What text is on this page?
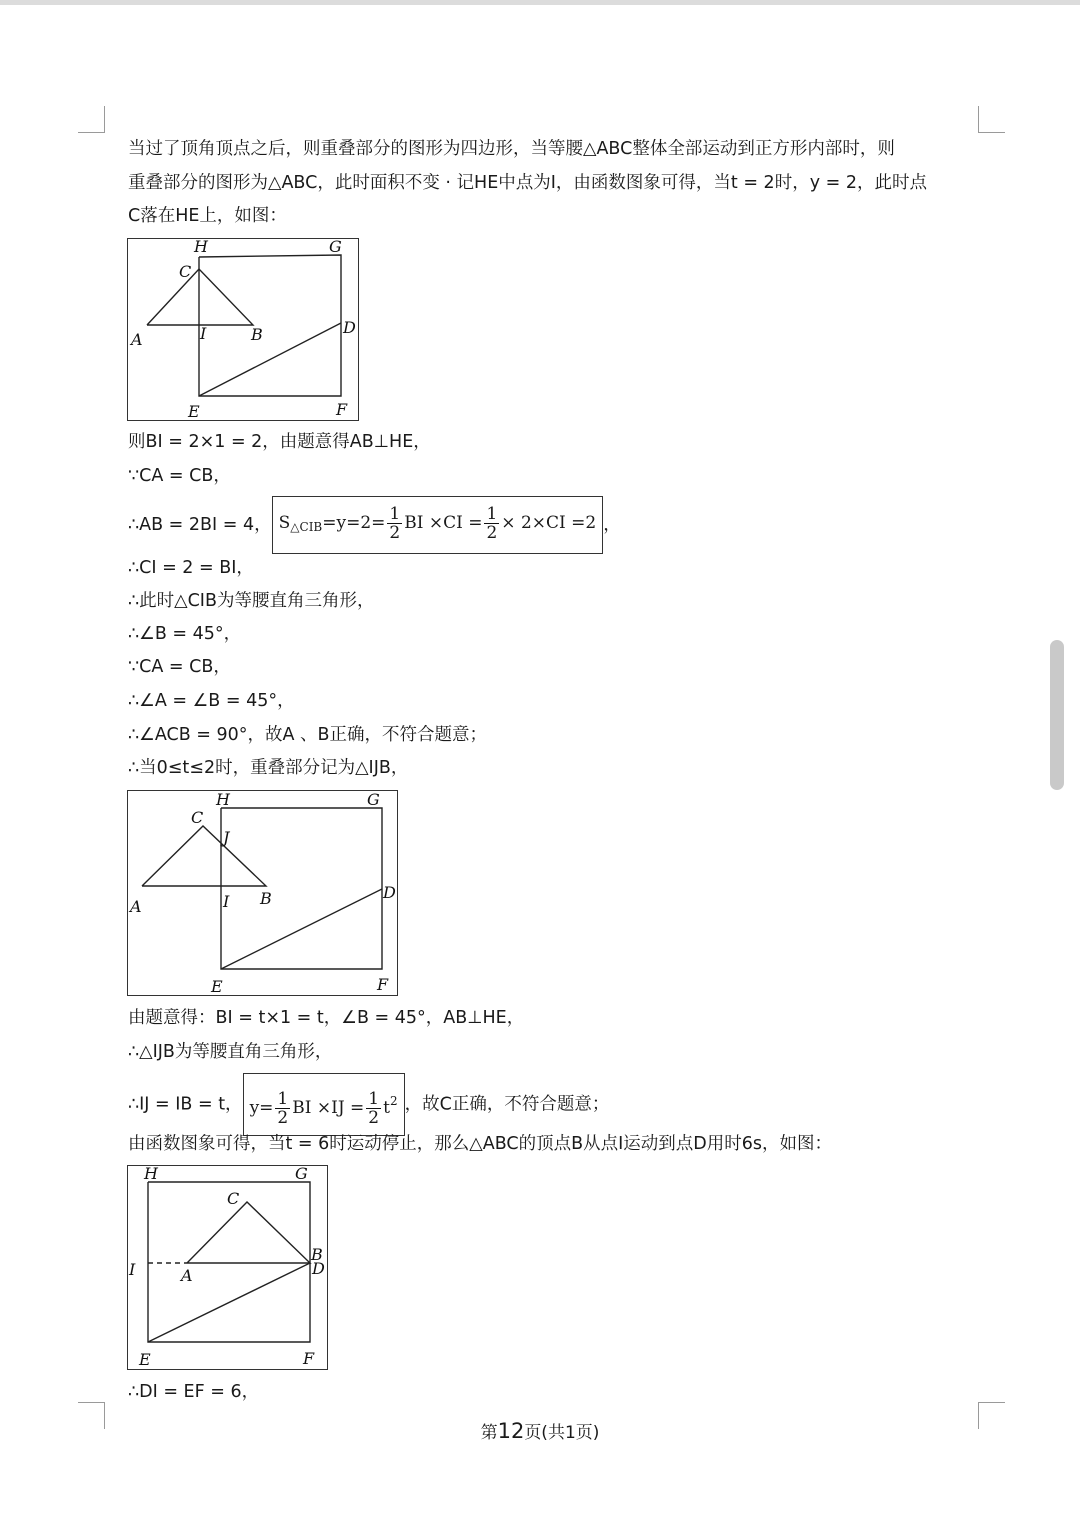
当过了顶角顶点之后，则重叠部分的图形为四边形，当等腰△ABC整体全部运动到正方形内部时，则
重叠部分的图形为△ABC，此时面积不变 · 记HE中点为I，由函数图象可得，当t = 2时，y = 2，此时点
C落在HE上，如图：
H	G
C
A	I	B	D
E	F
则BI = 2×1 = 2，由题意得AB⊥HE，
∵CA = CB，
∴AB = 2BI = 4， $S_{\triangle CIB}=y=2= \frac{1}{2}$ BI $\times CI = \frac{1}{2} \times 2\times CI =2$ ，
∴CI = 2 = BI，
∴此时△CIB为等腰直角三角形，
∴∠B = 45°，
∵CA = CB，
∴∠A = ∠B = 45°，
∴∠ACB = 90°，故A 、B正确，不符合题意；
∴当0≤t≤2时，重叠部分记为△IJB，
H	G
C
J
A	I B	D
E	F
由题意得：BI = t×1 = t，∠B = 45°，AB⊥HE，
∴△IJB为等腰直角三角形，
∴IJ = IB = t， $y= \frac{1}{2}$ BI $\times IJ = \frac{1}{2} t^2$ ，故C正确，不符合题意；
由函数图象可得，当t = 6时运动停止，那么△ABC的顶点B从点I运动到点D用时6s，如图：
H	G
C
I	A
B
D
E	F
∴DI = EF = 6，
第12页(共1页)
